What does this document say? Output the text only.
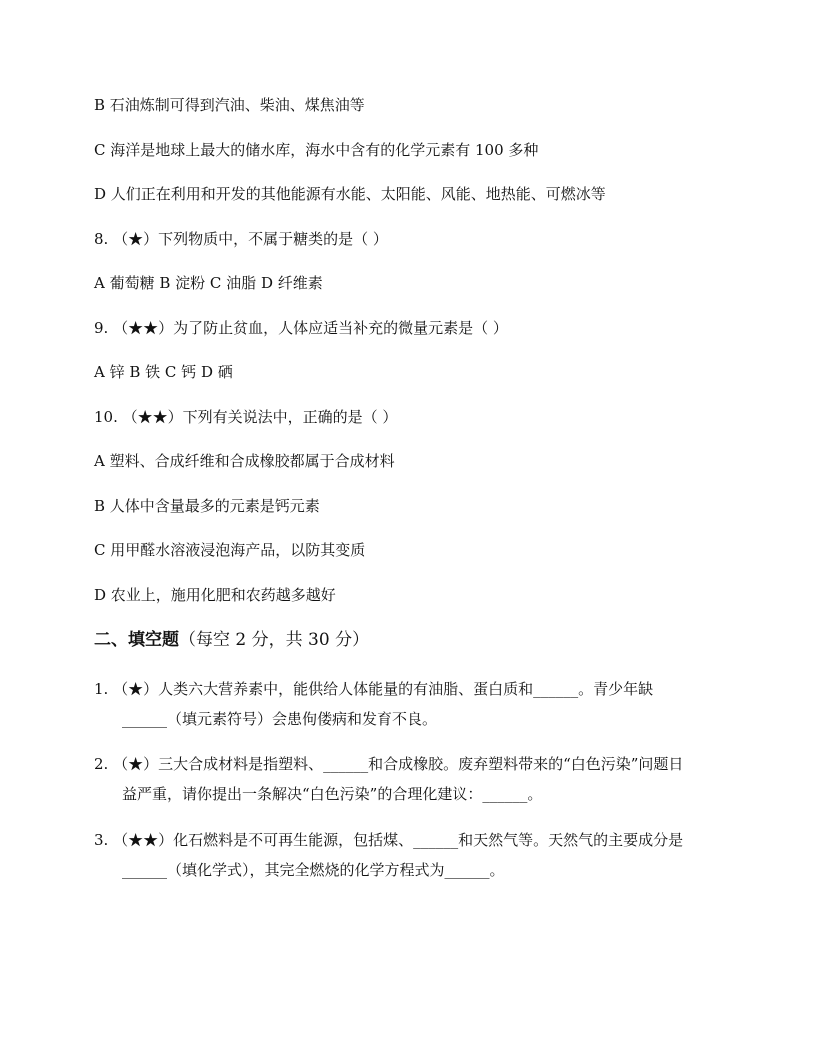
B 石油炼制可得到汽油、柴油、煤焦油等
C 海洋是地球上最大的储水库，海水中含有的化学元素有 100 多种
D 人们正在利用和开发的其他能源有水能、太阳能、风能、地热能、可燃冰等
8. （★）下列物质中，不属于糖类的是（ ）
A 葡萄糖 B 淀粉 C 油脂 D 纤维素
9. （★★）为了防止贫血，人体应适当补充的微量元素是（ ）
A 锌 B 铁 C 钙 D 硒
10. （★★）下列有关说法中，正确的是（ ）
A 塑料、合成纤维和合成橡胶都属于合成材料
B 人体中含量最多的元素是钙元素
C 用甲醛水溶液浸泡海产品，以防其变质
D 农业上，施用化肥和农药越多越好
二、填空题（每空 2 分，共 30 分）
1. （★）人类六大营养素中，能供给人体能量的有油脂、蛋白质和______。青少年缺
______（填元素符号）会患佝偻病和发育不良。
2. （★）三大合成材料是指塑料、______和合成橡胶。废弃塑料带来的“白色污染”问题日
益严重，请你提出一条解决“白色污染”的合理化建议：______。
3. （★★）化石燃料是不可再生能源，包括煤、______和天然气等。天然气的主要成分是
______（填化学式），其完全燃烧的化学方程式为______。
